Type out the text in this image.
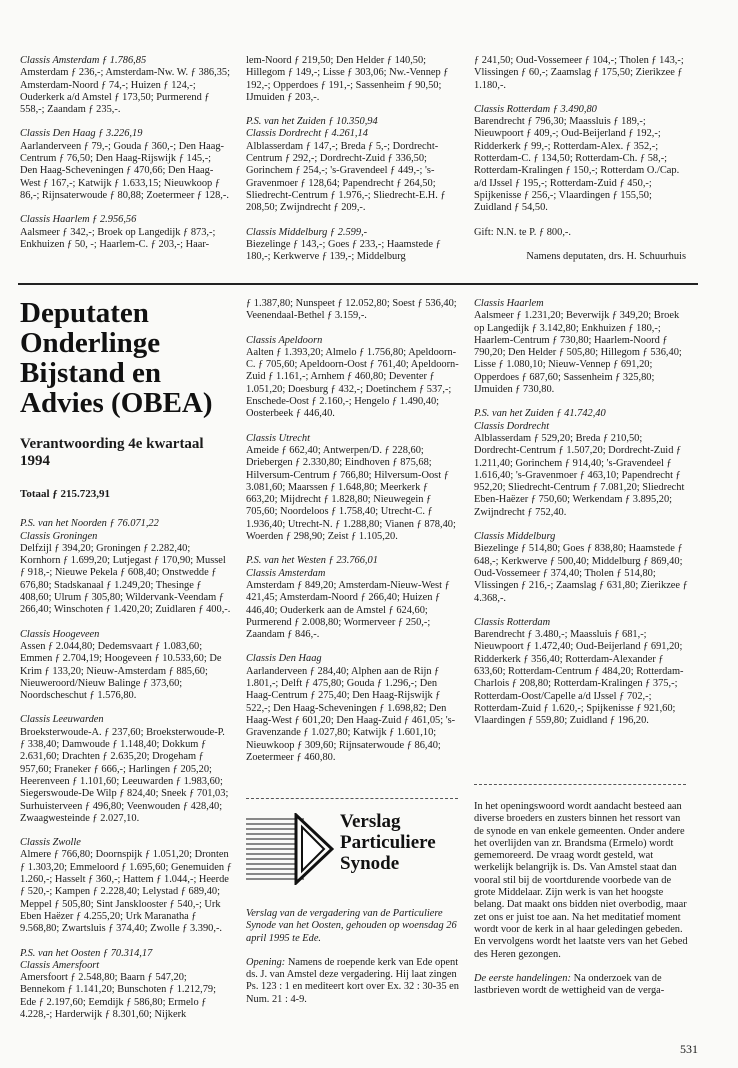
Classis Amsterdam ƒ 1.786,85

Amsterdam ƒ 236,-; Amsterdam-Nw. W. ƒ 386,35; Amsterdam-Noord ƒ 74,-; Huizen ƒ 124,-; Ouderkerk a/d Amstel ƒ 173,50; Purmerend ƒ 558,-; Zaandam ƒ 235,-.

Classis Den Haag ƒ 3.226,19

Aarlanderveen ƒ 79,-; Gouda ƒ 360,-; Den Haag-Centrum ƒ 76,50; Den Haag-Rijswijk ƒ 145,-; Den Haag-Scheveningen ƒ 470,66; Den Haag-West ƒ 167,-; Katwijk ƒ 1.633,15; Nieuwkoop ƒ 86,-; Rijnsaterwoude ƒ 80,88; Zoetermeer ƒ 128,-.

Classis Haarlem ƒ 2.956,56

Aalsmeer ƒ 342,-; Broek op Langedijk ƒ 873,-; Enkhuizen ƒ 50, -; Haarlem-C. ƒ 203,-; Haar-

lem-Noord ƒ 219,50; Den Helder ƒ 140,50; Hillegom ƒ 149,-; Lisse ƒ 303,06; Nw.-Vennep ƒ 192,-; Opperdoes ƒ 191,-; Sassenheim ƒ 90,50; IJmuiden ƒ 203,-.

P.S. van het Zuiden ƒ 10.350,94
Classis Dordrecht ƒ 4.261,14

Alblasserdam ƒ 147,-; Breda ƒ 5,-; Dordrecht-Centrum ƒ 292,-; Dordrecht-Zuid ƒ 336,50; Gorinchem ƒ 254,-; 's-Gravendeel ƒ 449,-; 's-Gravenmoer ƒ 128,64; Papendrecht ƒ 264,50; Sliedrecht-Centrum ƒ 1.976,-; Sliedrecht-E.H. ƒ 208,50; Zwijndrecht ƒ 209,-.

Classis Middelburg ƒ 2.599,-

Biezelinge ƒ 143,-; Goes ƒ 233,-; Haamstede ƒ 180,-; Kerkwerve ƒ 139,-; Middelburg

ƒ 241,50; Oud-Vossemeer ƒ 104,-; Tholen ƒ 143,-; Vlissingen ƒ 60,-; Zaamslag ƒ 175,50; Zierikzee ƒ 1.180,-.

Classis Rotterdam ƒ 3.490,80

Barendrecht ƒ 796,30; Maassluis ƒ 189,-; Nieuwpoort ƒ 409,-; Oud-Beijerland ƒ 192,-; Ridderkerk ƒ 99,-; Rotterdam-Alex. ƒ 352,-; Rotterdam-C. ƒ 134,50; Rotterdam-Ch. ƒ 58,-; Rotterdam-Kralingen ƒ 150,-; Rotterdam O./Cap. a/d IJssel ƒ 195,-; Rotterdam-Zuid ƒ 450,-; Spijkenisse ƒ 256,-; Vlaardingen ƒ 155,50; Zuidland ƒ 54,50.

Gift: N.N. te P. ƒ 800,-.

Namens deputaten, drs. H. Schuurhuis
Deputaten Onderlinge Bijstand en Advies (OBEA)
Verantwoording 4e kwartaal 1994
Totaal ƒ 215.723,91
P.S. van het Noorden ƒ 76.071,22
Classis Groningen

Delfzijl ƒ 394,20; Groningen ƒ 2.282,40; Kornhorn ƒ 1.699,20; Lutjegast ƒ 170,90; Mussel ƒ 918,-; Nieuwe Pekela ƒ 608,40; Onstwedde ƒ 676,80; Stadskanaal ƒ 1.249,20; Thesinge ƒ 408,60; Ulrum ƒ 305,80; Wildervank-Veendam ƒ 266,40; Winschoten ƒ 1.420,20; Zuidlaren ƒ 400,-.

Classis Hoogeveen

Assen ƒ 2.044,80; Dedemsvaart ƒ 1.083,60; Emmen ƒ 2.704,19; Hoogeveen ƒ 10.533,60; De Krim ƒ 133,20; Nieuw-Amsterdam ƒ 885,60; Nieuweroord/Nieuw Balinge ƒ 373,60; Noordscheschut ƒ 1.576,80.

Classis Leeuwarden

Broeksterwoude-A. ƒ 237,60; Broeksterwoude-P. ƒ 338,40; Damwoude ƒ 1.148,40; Dokkum ƒ 2.631,60; Drachten ƒ 2.635,20; Drogeham ƒ 957,60; Franeker ƒ 666,-; Harlingen ƒ 205,20; Heerenveen ƒ 1.101,60; Leeuwarden ƒ 1.983,60; Siegerswoude-De Wilp ƒ 824,40; Sneek ƒ 701,03; Surhuisterveen ƒ 496,80; Veenwouden ƒ 428,40; Zwaagwesteinde ƒ 2.027,10.

Classis Zwolle

Almere ƒ 766,80; Doornspijk ƒ 1.051,20; Dronten ƒ 1.303,20; Emmeloord ƒ 1.695,60; Genemuiden ƒ 1.260,-; Hasselt ƒ 360,-; Hattem ƒ 1.044,-; Heerde ƒ 520,-; Kampen ƒ 2.228,40; Lelystad ƒ 689,40; Meppel ƒ 505,80; Sint Jansklooster ƒ 540,-; Urk Eben Haëzer ƒ 4.255,20; Urk Maranatha ƒ 9.568,80; Zwartsluis ƒ 374,40; Zwolle ƒ 3.390,-.

P.S. van het Oosten ƒ 70.314,17
Classis Amersfoort

Amersfoort ƒ 2.548,80; Baarn ƒ 547,20; Bennekom ƒ 1.141,20; Bunschoten ƒ 1.212,79; Ede ƒ 2.197,60; Eemdijk ƒ 586,80; Ermelo ƒ 4.228,-; Harderwijk ƒ 8.301,60; Nijkerk

ƒ 1.387,80; Nunspeet ƒ 12.052,80; Soest ƒ 536,40; Veenendaal-Bethel ƒ 3.159,-.

Classis Apeldoorn

Aalten ƒ 1.393,20; Almelo ƒ 1.756,80; Apeldoorn-C. ƒ 705,60; Apeldoorn-Oost ƒ 761,40; Apeldoorn-Zuid ƒ 1.161,-; Arnhem ƒ 460,80; Deventer ƒ 1.051,20; Doesburg ƒ 432,-; Doetinchem ƒ 537,-; Enschede-Oost ƒ 2.160,-; Hengelo ƒ 1.490,40; Oosterbeek ƒ 446,40.

Classis Utrecht

Ameide ƒ 662,40; Antwerpen/D. ƒ 228,60; Driebergen ƒ 2.330,80; Eindhoven ƒ 875,68; Hilversum-Centrum ƒ 766,80; Hilversum-Oost ƒ 3.081,60; Maarssen ƒ 1.648,80; Meerkerk ƒ 663,20; Mijdrecht ƒ 1.828,80; Nieuwegein ƒ 705,60; Noordeloos ƒ 1.758,40; Utrecht-C. ƒ 1.936,40; Utrecht-N. ƒ 1.288,80; Vianen ƒ 878,40; Woerden ƒ 298,90; Zeist ƒ 1.105,20.

P.S. van het Westen ƒ 23.766,01
Classis Amsterdam

Amsterdam ƒ 849,20; Amsterdam-Nieuw-West ƒ 421,45; Amsterdam-Noord ƒ 266,40; Huizen ƒ 446,40; Ouderkerk aan de Amstel ƒ 624,60; Purmerend ƒ 2.008,80; Wormerveer ƒ 250,-; Zaandam ƒ 846,-.

Classis Den Haag

Aarlanderveen ƒ 284,40; Alphen aan de Rijn ƒ 1.801,-; Delft ƒ 475,80; Gouda ƒ 1.296,-; Den Haag-Centrum ƒ 275,40; Den Haag-Rijswijk ƒ 522,-; Den Haag-Scheveningen ƒ 1.698,82; Den Haag-West ƒ 601,20; Den Haag-Zuid ƒ 461,05; 's-Gravenzande ƒ 1.027,80; Katwijk ƒ 1.601,10; Nieuwkoop ƒ 309,60; Rijnsaterwoude ƒ 86,40; Zoetermeer ƒ 460,80.

Classis Haarlem

Aalsmeer ƒ 1.231,20; Beverwijk ƒ 349,20; Broek op Langedijk ƒ 3.142,80; Enkhuizen ƒ 180,-; Haarlem-Centrum ƒ 730,80; Haarlem-Noord ƒ 790,20; Den Helder ƒ 505,80; Hillegom ƒ 536,40; Lisse ƒ 1.080,10; Nieuw-Vennep ƒ 691,20; Opperdoes ƒ 687,60; Sassenheim ƒ 325,80; IJmuiden ƒ 730,80.

P.S. van het Zuiden ƒ 41.742,40
Classis Dordrecht

Alblasserdam ƒ 529,20; Breda ƒ 210,50; Dordrecht-Centrum ƒ 1.507,20; Dordrecht-Zuid ƒ 1.211,40; Gorinchem ƒ 914,40; 's-Gravendeel ƒ 1.616,40; 's-Gravenmoer ƒ 463,10; Papendrecht ƒ 952,20; Sliedrecht-Centrum ƒ 7.081,20; Sliedrecht Eben-Haëzer ƒ 750,60; Werkendam ƒ 3.895,20; Zwijndrecht ƒ 752,40.

Classis Middelburg

Biezelinge ƒ 514,80; Goes ƒ 838,80; Haamstede ƒ 648,-; Kerkwerve ƒ 500,40; Middelburg ƒ 869,40; Oud-Vossemeer ƒ 374,40; Tholen ƒ 514,80; Vlissingen ƒ 216,-; Zaamslag ƒ 631,80; Zierikzee ƒ 4.368,-.

Classis Rotterdam

Barendrecht ƒ 3.480,-; Maassluis ƒ 681,-; Nieuwpoort ƒ 1.472,40; Oud-Beijerland ƒ 691,20; Ridderkerk ƒ 356,40; Rotterdam-Alexander ƒ 633,60; Rotterdam-Centrum ƒ 484,20; Rotterdam-Charlois ƒ 208,80; Rotterdam-Kralingen ƒ 375,-; Rotterdam-Oost/Capelle a/d IJssel ƒ 702,-; Rotterdam-Zuid ƒ 1.620,-; Spijkenisse ƒ 921,60; Vlaardingen ƒ 559,80; Zuidland ƒ 196,20.

Verslag Particuliere Synode

Verslag van de vergadering van de Particuliere Synode van het Oosten, gehouden op woensdag 26 april 1995 te Ede.

Opening: Namens de roepende kerk van Ede opent ds. J. van Amstel deze vergadering. Hij laat zingen Ps. 123 : 1 en mediteert kort over Ex. 32 : 30-35 en Num. 21 : 4-9.

In het openingswoord wordt aandacht besteed aan diverse broeders en zusters binnen het ressort van de synode en van enkele gemeenten. Onder andere het overlijden van zr. Brandsma (Ermelo) wordt gememoreerd. De vraag wordt gesteld, wat werkelijk belangrijk is. Ds. Van Amstel staat dan vooral stil bij de voortdurende voorbede van de grote Middelaar. Zijn werk is van het hoogste belang. Dat maakt ons bidden niet overbodig, maar zet ons er juist toe aan. Na het meditatief moment wordt voor de kerk in al haar geledingen gebeden. En vervolgens wordt het laatste vers van het Gebed des Heren gezongen.

De eerste handelingen: Na onderzoek van de lastbrieven wordt de wettigheid van de verga-

531
